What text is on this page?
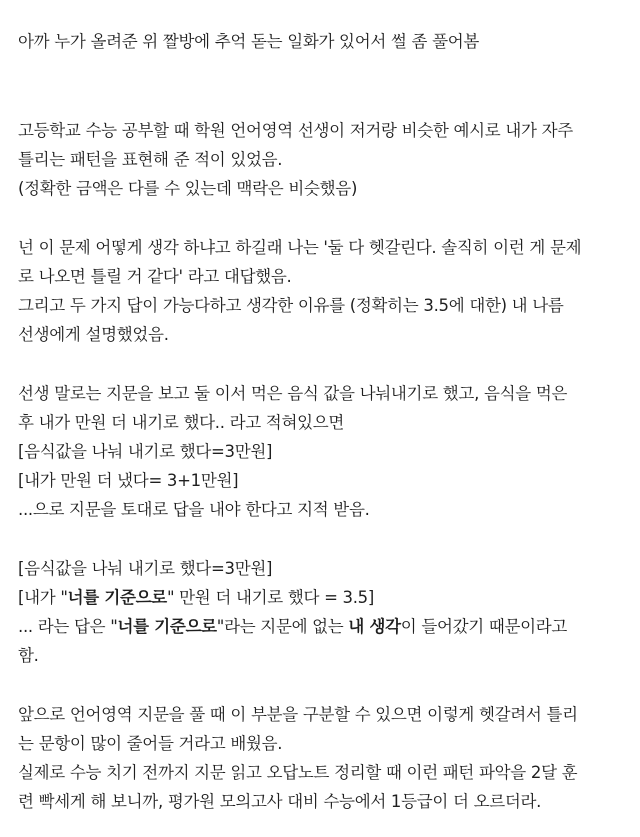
아까 누가 올려준 위 짤방에 추억 돋는 일화가 있어서 썰 좀 풀어봄
고등학교 수능 공부할 때 학원 언어영역 선생이 저거랑 비슷한 예시로 내가 자주
틀리는 패턴을 표현해 준 적이 있었음.
(정확한 금액은 다를 수 있는데 맥락은 비슷했음)
넌 이 문제 어떻게 생각 하냐고 하길래 나는 '둘 다 헷갈린다. 솔직히 이런 게 문제
로 나오면 틀릴 거 같다' 라고 대답했음.
그리고 두 가지 답이 가능다하고 생각한 이유를 (정확히는 3.5에 대한) 내 나름
선생에게 설명했었음.
선생 말로는 지문을 보고 둘 이서 먹은 음식 값을 나눠내기로 했고, 음식을 먹은
후 내가 만원 더 내기로 했다.. 라고 적혀있으면
[음식값을 나눠 내기로 했다=3만원]
[내가 만원 더 냈다= 3+1만원]
...으로 지문을 토대로 답을 내야 한다고 지적 받음.
[음식값을 나눠 내기로 했다=3만원]
[내가 "너를 기준으로" 만원 더 내기로 했다 = 3.5]
... 라는 답은 "너를 기준으로"라는 지문에 없는 내 생각이 들어갔기 때문이라고
함.
앞으로 언어영역 지문을 풀 때 이 부분을 구분할 수 있으면 이렇게 헷갈려서 틀리
는 문항이 많이 줄어들 거라고 배웠음.
실제로 수능 치기 전까지 지문 읽고 오답노트 정리할 때 이런 패턴 파악을 2달 훈
련 빡세게 해 보니까, 평가원 모의고사 대비 수능에서 1등급이 더 오르더라.
